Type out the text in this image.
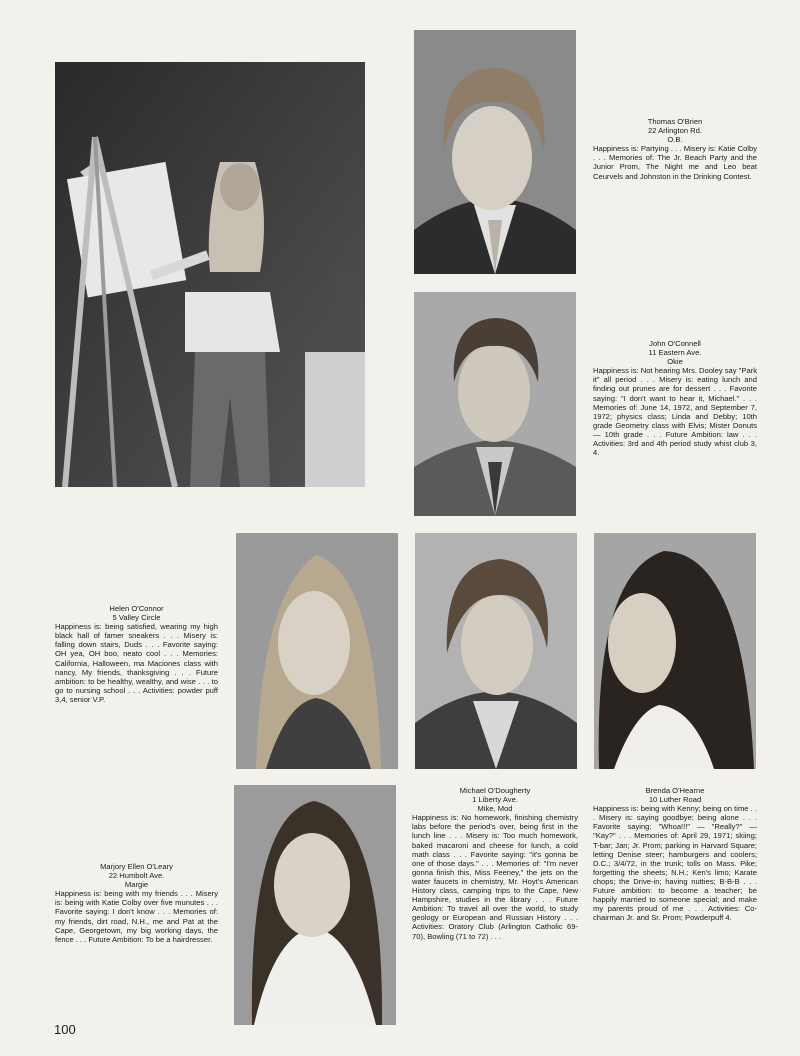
Thomas O'Brien
22 Arlington Rd.
O.B.
Happiness is: Partying . . . Misery is: Katie Colby . . . Memories of: The Jr. Beach Party and the Junior Prom, The Night me and Leo beat Ceurvels and Johnston in the Drinking Contest.
John O'Connell
11 Eastern Ave.
Okie
Happiness is: Not hearing Mrs. Dooley say "Park it" all period . . . Misery is: eating lunch and finding out prunes are for dessert . . . Favorite saying: "I don't want to hear it, Michael." . . . Memories of: June 14, 1972, and September 7, 1972; physics class; Linda and Debby; 10th grade Geometry class with Elvis; Mister Donuts — 10th grade . . . Future Ambition: law . . . Activities: 3rd and 4th period study whist club 3, 4.
Helen O'Connor
5 Valley Circle
Happiness is: being satisfied, wearing my high black hall of famer sneakers . . . Misery is: falling down stairs, Duds . . . Favorite saying: OH yea, OH boo, neato cool . . . Memories: California, Halloween, ma Maciones class with nancy, My friends, thanksgiving . . . Future ambition: to be healthy, wealthy, and wise . . . to go to nursing school . . . Activities: powder puff 3,4, senior V.P.
Michael O'Dougherty
1 Liberty Ave.
Mike, Mod
Happiness is: No homework, finishing chemistry labs before the period's over, being first in the lunch line . . . Misery is: Too much homework, baked macaroni and cheese for lunch, a cold math class . . . Favorite saying: "it's gonna be one of those days." . . . Memories of: "I'm never gonna finish this, Miss Feeney," the jets on the water faucets in chemistry, Mr. Hoyt's American History class, camping trips to the Cape, New Hampshire, studies in the library . . . Future Ambition: To travel all over the world, to study geology or European and Russian History . . . Activities: Oratory Club (Arlington Catholic 69-70), Bowling (71 to 72) . . .
Brenda O'Hearne
10 Luther Road
Happiness is: being with Kenny; being on time . . . Misery is: saying goodbye; being alone . . . Favorite saying: "Whoa!!!" — "Really?" — "Kay?" . . . Memories of: April 29, 1971; skiing; T-bar; Jan; Jr. Prom; parking in Harvard Square; letting Denise steer; hamburgers and coolers; D.C.; 3/4/72, in the trunk; tolls on Mass. Pike; forgetting the sheets; N.H.; Ken's limo; Karate chops; the Drive-in; having nutties; B-B-B . . . Future ambition: to become a teacher; be happily married to someone special; and make my parents proud of me . . . Activities: Co-chairman Jr. and Sr. Prom; Powderpuff 4.
Marjory Ellen O'Leary
22 Humbolt Ave.
Margie
Happiness is: being with my friends . . . Misery is: being with Katie Colby over five munutes . . . Favorite saying: I don't know . . . Memories of: my friends, dirt road, N.H., me and Pat at the Cape, Georgetown, my big working days, the fence . . . Future Ambition: To be a hairdresser.
100
